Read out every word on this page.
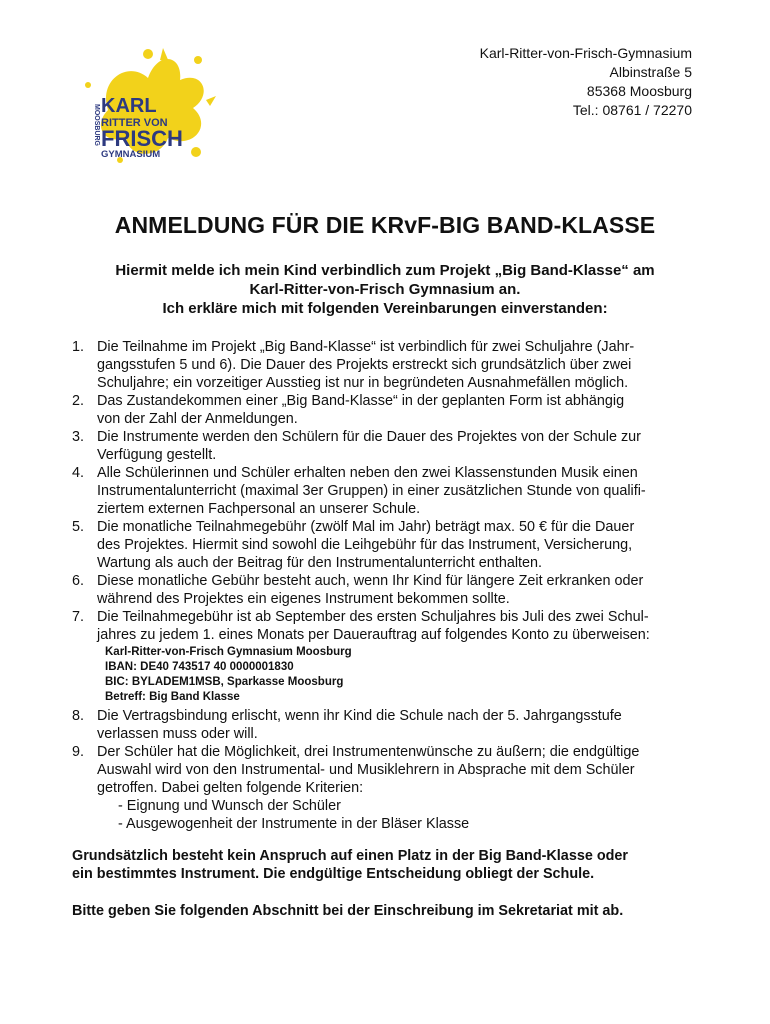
KARL
RITTER VON
FRISCH
GYMNASIUM
MOOSBURG
Karl-Ritter-von-Frisch-Gymnasium
Albinstraße 5
85368 Moosburg
Tel.: 08761 / 72270
ANMELDUNG FÜR DIE KRvF-BIG BAND-KLASSE
Hiermit melde ich mein Kind verbindlich zum Projekt „Big Band-Klasse“ am
Karl-Ritter-von-Frisch Gymnasium an.
Ich erkläre mich mit folgenden Vereinbarungen einverstanden:
1. Die Teilnahme im Projekt „Big Band-Klasse“ ist verbindlich für zwei Schuljahre (Jahr-
gangsstufen 5 und 6). Die Dauer des Projekts erstreckt sich grundsätzlich über zwei
Schuljahre; ein vorzeitiger Ausstieg ist nur in begründeten Ausnahmefällen möglich.
2. Das Zustandekommen einer „Big Band-Klasse“ in der geplanten Form ist abhängig
von der Zahl der Anmeldungen.
3. Die Instrumente werden den Schülern für die Dauer des Projektes von der Schule zur
Verfügung gestellt.
4. Alle Schülerinnen und Schüler erhalten neben den zwei Klassenstunden Musik einen
Instrumentalunterricht (maximal 3er Gruppen) in einer zusätzlichen Stunde von qualifi-
ziertem externen Fachpersonal an unserer Schule.
5. Die monatliche Teilnahmegebühr (zwölf Mal im Jahr) beträgt max. 50 € für die Dauer
des Projektes. Hiermit sind sowohl die Leihgebühr für das Instrument, Versicherung,
Wartung als auch der Beitrag für den Instrumentalunterricht enthalten.
6. Diese monatliche Gebühr besteht auch, wenn Ihr Kind für längere Zeit erkranken oder
während des Projektes ein eigenes Instrument bekommen sollte.
7. Die Teilnahmegebühr ist ab September des ersten Schuljahres bis Juli des zwei Schul-
jahres zu jedem 1. eines Monats per Dauerauftrag auf folgendes Konto zu überweisen:
Karl-Ritter-von-Frisch Gymnasium Moosburg
IBAN: DE40 743517 40 0000001830
BIC: BYLADEM1MSB, Sparkasse Moosburg
Betreff: Big Band Klasse
8. Die Vertragsbindung erlischt, wenn ihr Kind die Schule nach der 5. Jahrgangsstufe
verlassen muss oder will.
9. Der Schüler hat die Möglichkeit, drei Instrumentenwünsche zu äußern; die endgültige
Auswahl wird von den Instrumental- und Musiklehrern in Absprache mit dem Schüler
getroffen. Dabei gelten folgende Kriterien:
- Eignung und Wunsch der Schüler
- Ausgewogenheit der Instrumente in der Bläser Klasse
Grundsätzlich besteht kein Anspruch auf einen Platz in der Big Band-Klasse oder
ein bestimmtes Instrument. Die endgültige Entscheidung obliegt der Schule.
Bitte geben Sie folgenden Abschnitt bei der Einschreibung im Sekretariat mit ab.
